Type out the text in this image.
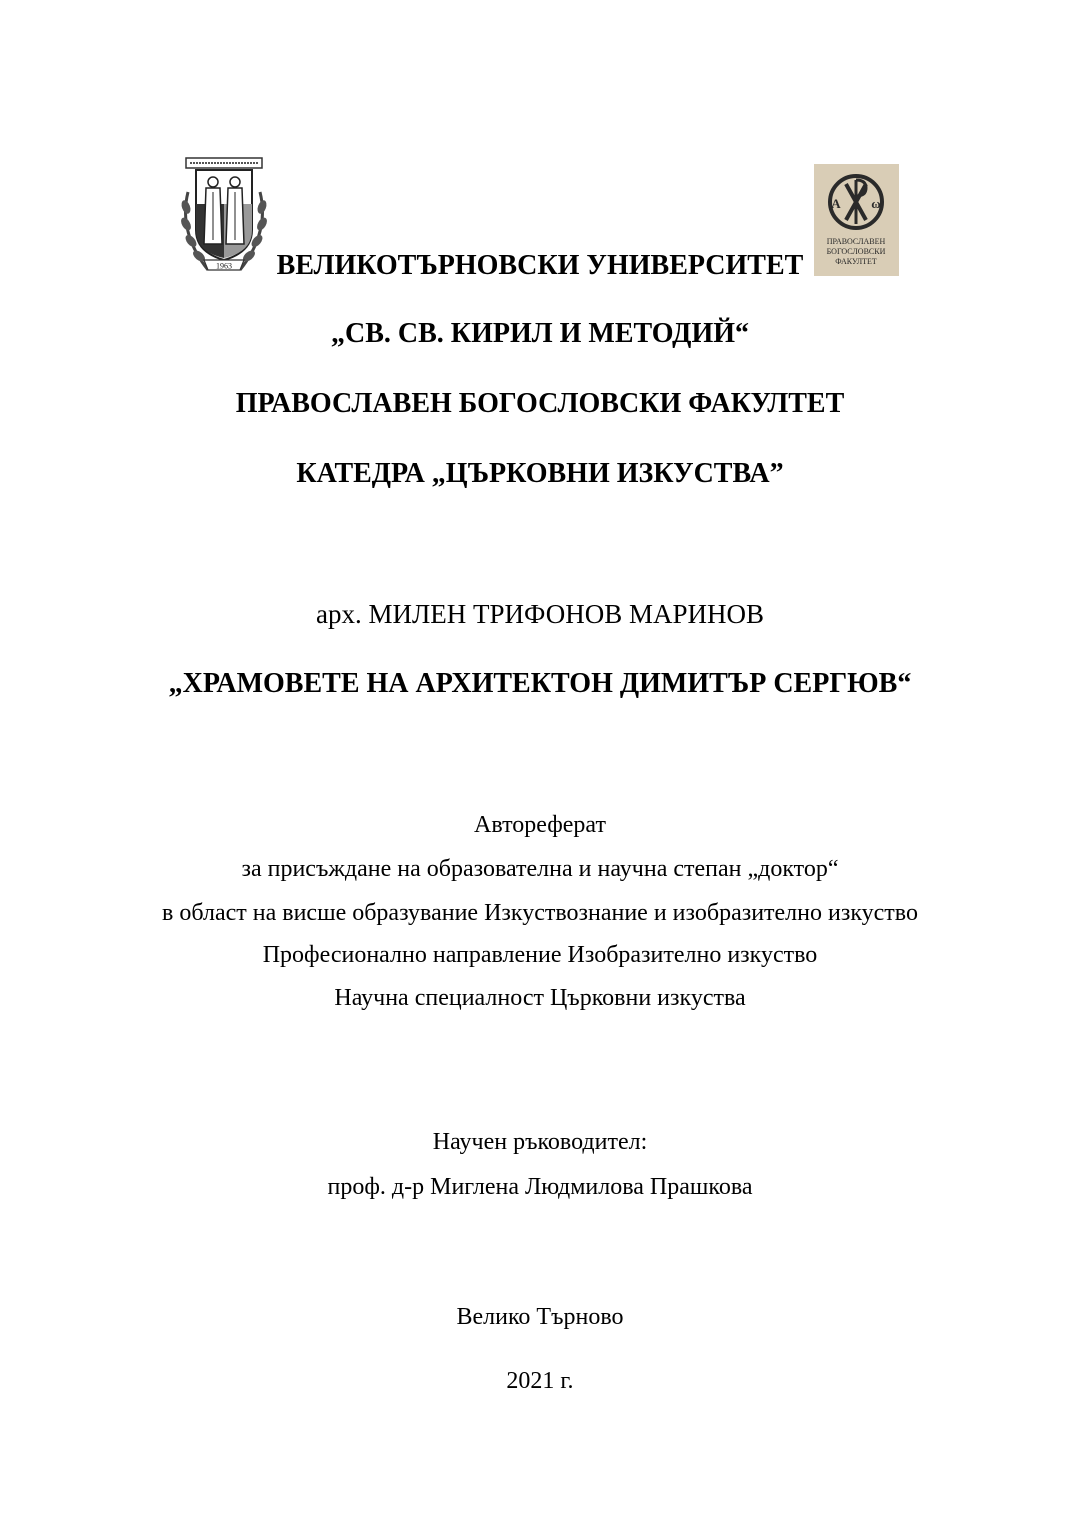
1963
A ω
ПРАВОСЛАВЕН
БОГОСЛОВСКИ
ФАКУЛТЕТ
ВЕЛИКОТЪРНОВСКИ УНИВЕРСИТЕТ
„СВ. СВ. КИРИЛ И МЕТОДИЙ“
ПРАВОСЛАВЕН БОГОСЛОВСКИ ФАКУЛТЕТ
КАТЕДРА „ЦЪРКОВНИ ИЗКУСТВА”
арх. МИЛЕН ТРИФОНОВ МАРИНОВ
„ХРАМОВЕТЕ НА АРХИТЕКТОН ДИМИТЪР СЕРГЮВ“
Автореферат
за присъждане на образователна и научна степан „доктор“
в област на висше образувание Изкуствознание и изобразително изкуство
Професионално направление Изобразително изкуство
Научна специалност Църковни изкуства
Научен ръководител:
проф. д-р Миглена Людмилова Прашкова
Велико Търново
2021 г.
